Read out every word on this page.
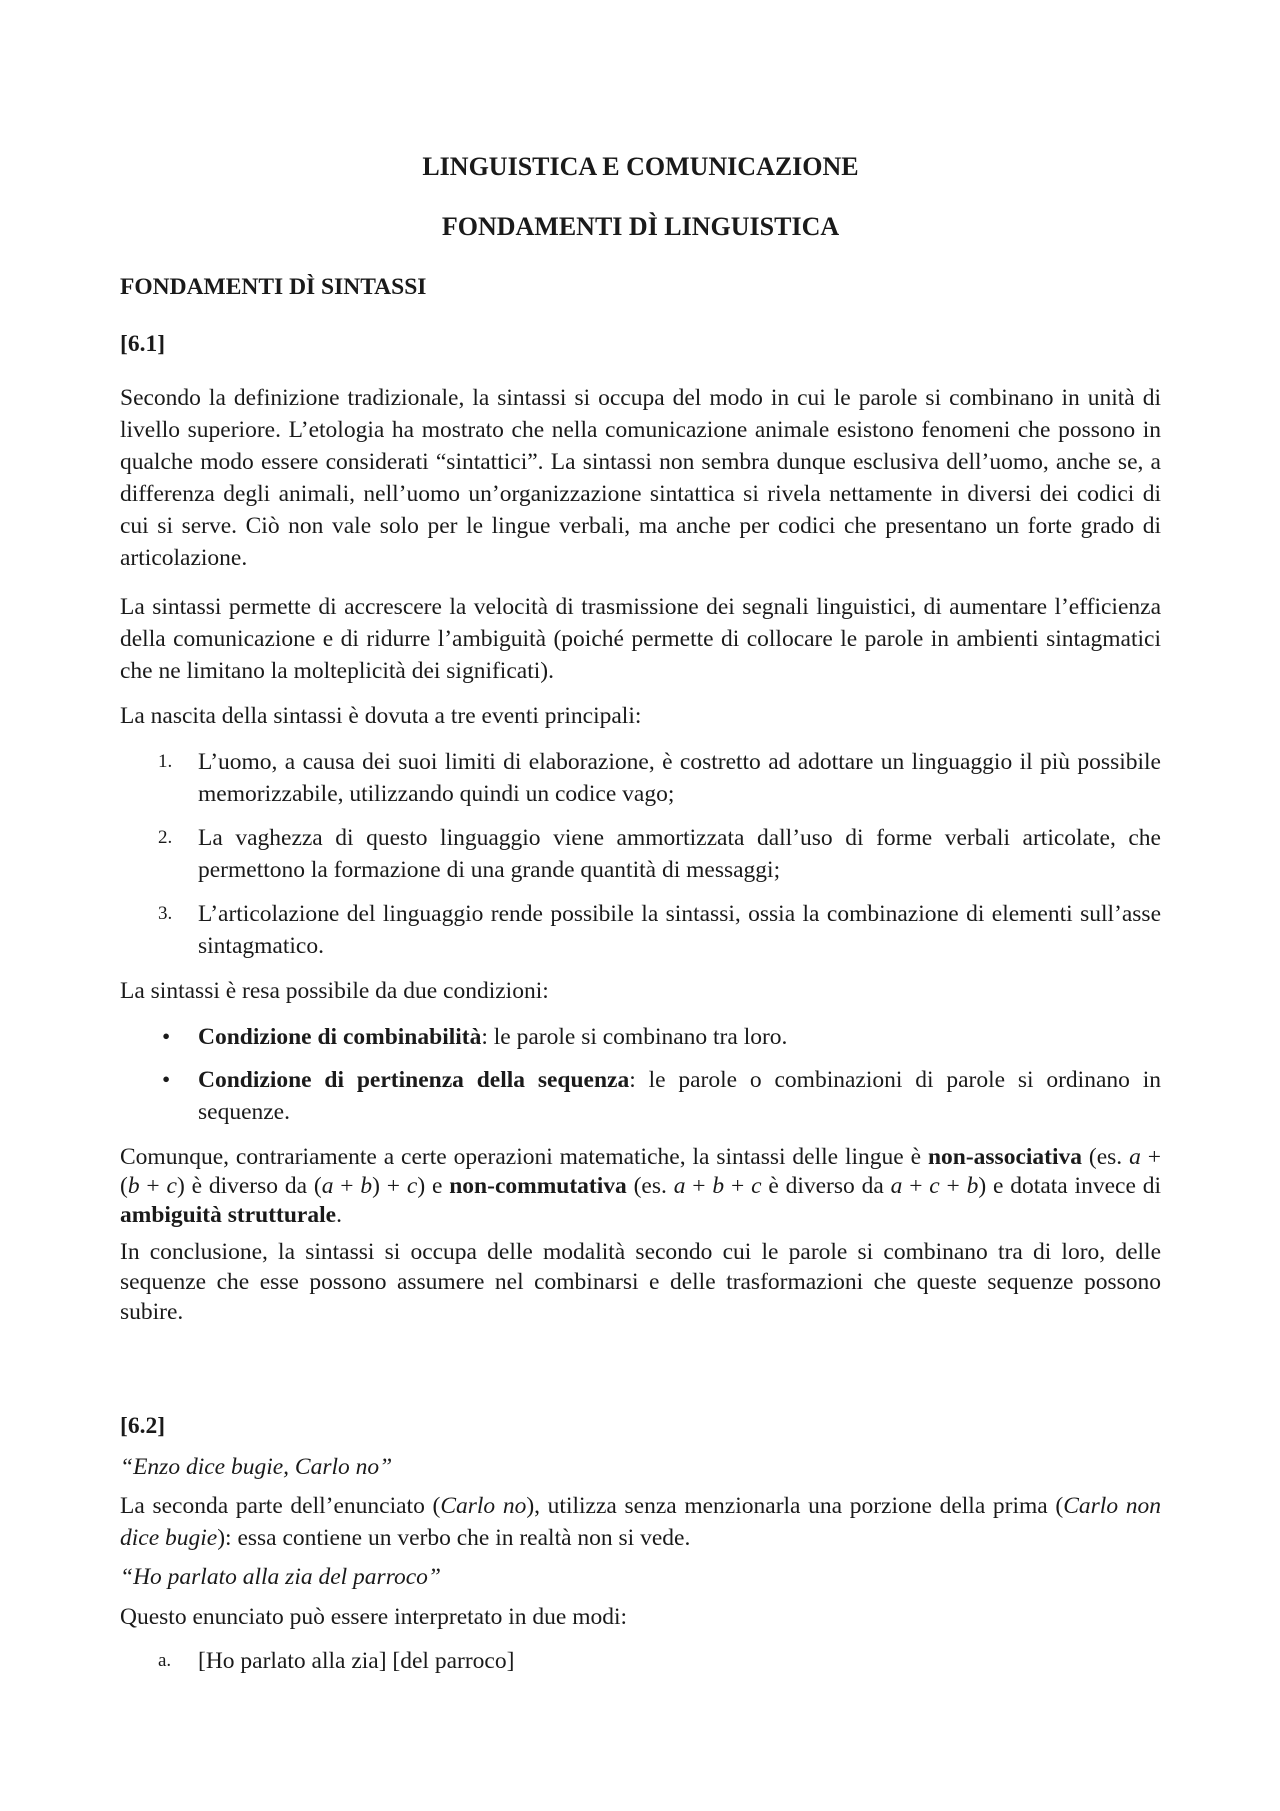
LINGUISTICA E COMUNICAZIONE
FONDAMENTI DÌ LINGUISTICA
FONDAMENTI DÌ SINTASSI
[6.1]

Secondo la definizione tradizionale, la sintassi si occupa del modo in cui le parole si combinano in unità di livello superiore. L’etologia ha mostrato che nella comunicazione animale esistono fenomeni che possono in qualche modo essere considerati “sintattici”. La sintassi non sembra dunque esclusiva dell’uomo, anche se, a differenza degli animali, nell’uomo un’organizzazione sintattica si rivela nettamente in diversi dei codici di cui si serve. Ciò non vale solo per le lingue verbali, ma anche per codici che presentano un forte grado di articolazione.

La sintassi permette di accrescere la velocità di trasmissione dei segnali linguistici, di aumentare l’efficienza della comunicazione e di ridurre l’ambiguità (poiché permette di collocare le parole in ambienti sintagmatici che ne limitano la molteplicità dei significati).

La nascita della sintassi è dovuta a tre eventi principali:

1. L’uomo, a causa dei suoi limiti di elaborazione, è costretto ad adottare un linguaggio il più possibile memorizzabile, utilizzando quindi un codice vago;

2. La vaghezza di questo linguaggio viene ammortizzata dall’uso di forme verbali articolate, che permettono la formazione di una grande quantità di messaggi;

3. L’articolazione del linguaggio rende possibile la sintassi, ossia la combinazione di elementi sull’asse sintagmatico.

La sintassi è resa possibile da due condizioni:

• Condizione di combinabilità: le parole si combinano tra loro.

• Condizione di pertinenza della sequenza: le parole o combinazioni di parole si ordinano in sequenze.

Comunque, contrariamente a certe operazioni matematiche, la sintassi delle lingue è non-associativa (es. a + (b + c) è diverso da (a + b) + c) e non-commutativa (es. a + b + c è diverso da a + c + b) e dotata invece di ambiguità strutturale.

In conclusione, la sintassi si occupa delle modalità secondo cui le parole si combinano tra di loro, delle sequenze che esse possono assumere nel combinarsi e delle trasformazioni che queste sequenze possono subire.

[6.2]

“Enzo dice bugie, Carlo no”

La seconda parte dell’enunciato (Carlo no), utilizza senza menzionarla una porzione della prima (Carlo non dice bugie): essa contiene un verbo che in realtà non si vede.

“Ho parlato alla zia del parroco”

Questo enunciato può essere interpretato in due modi:

a. [Ho parlato alla zia] [del parroco]
